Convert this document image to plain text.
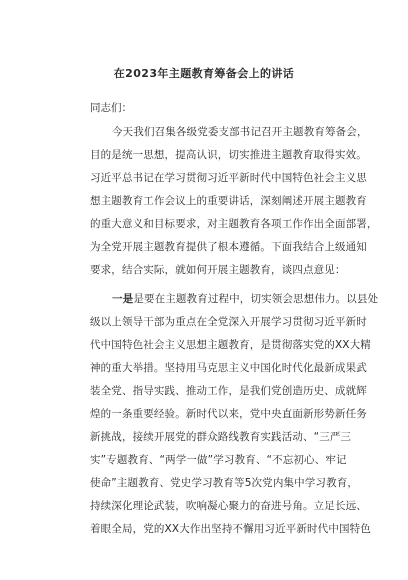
在2023年主题教育筹备会上的讲话
同志们：
今天我们召集各级党委支部书记召开主题教育筹备会，
目的是统一思想，提高认识，切实推进主题教育取得实效。
习近平总书记在学习贯彻习近平新时代中国特色社会主义思
想主题教育工作会议上的重要讲话，深刻阐述开展主题教育
的重大意义和目标要求，对主题教育各项工作作出全面部署，
为全党开展主题教育提供了根本遵循。下面我结合上级通知
要求，结合实际，就如何开展主题教育，谈四点意见：
一是是要在主题教育过程中，切实领会思想伟力。以县处
级以上领导干部为重点在全党深入开展学习贯彻习近平新时
代中国特色社会主义思想主题教育，是贯彻落实党的XX大精
神的重大举措。坚持用马克思主义中国化时代化最新成果武
装全党、指导实践、推动工作，是我们党创造历史、成就辉
煌的一条重要经验。新时代以来，党中央直面新形势新任务
新挑战，接续开展党的群众路线教育实践活动、“三严三
实”专题教育、“两学一做”学习教育、“不忘初心、牢记
使命”主题教育、党史学习教育等5次党内集中学习教育，
持续深化理论武装，吹响凝心聚力的奋进号角。立足长远、
着眼全局，党的XX大作出坚持不懈用习近平新时代中国特色
